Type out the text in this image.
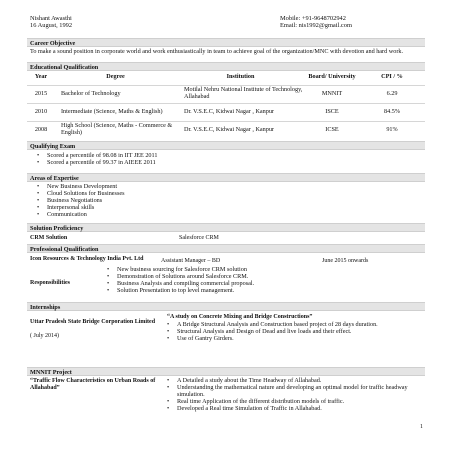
Nishant Awasthi
16 August, 1992
Mobile: +91-9648702942
Email: nis1992@gmail.com
Career Objective
To make a sound position in corporate world and work enthusiastically in team to achieve goal of the organization/MNC with devotion and hard work.
Educational Qualification
Year	Degree	Institution	Board/ University	CPI / %
2015	Bachelor of Technology	Motilal Nehru National Institute of Technology, Allahabad	MNNIT	6.29
2010	Intermediate (Science, Maths & English)	Dr. V.S.E.C, Kidwai Nagar , Kanpur	ISCE	84.5%
2008	High School (Science, Maths - Commerce & English)	Dr. V.S.E.C, Kidwai Nagar , Kanpur	ICSE	91%
Qualifying Exam
• Scored a percentile of 98.08 in IIT JEE 2011
• Scored a percentile of 99.37 in AIEEE 2011
Areas of Expertise
• New Business Development
• Cloud Solutions for Businesses
• Business Negotiations
• Interpersonal skills
• Communication
Solution Proficiency
CRM Solution	Salesforce CRM
Professional Qualification
Icon Resources & Technology India Pvt. Ltd	Assistant Manager – BD	June 2015 onwards
Responsibilities
• New business sourcing for Salesforce CRM solution
• Demonstration of Solutions around Salesforce CRM.
• Business Analysis and compiling commercial proposal.
• Solution Presentation to top level management.
Internships
Uttar Pradesh State Bridge Corporation Limited
( July 2014)
“A study on Concrete Mixing and Bridge Constructions”
• A Bridge Structural Analysis and Construction based project of 28 days duration.
• Structural Analysis and Design of Dead and live loads and their effect.
• Use of Gantry Girders.
MNNIT Project
“Traffic Flow Characteristics on Urban Roads of Allahabad”
• A Detailed a study about the Time Headway of Allahabad.
• Understanding the mathematical nature and developing an optimal model for traffic headway simulation.
• Real time Application of the different distribution models of traffic.
• Developed a Real time Simulation of Traffic in Allahabad.
1
